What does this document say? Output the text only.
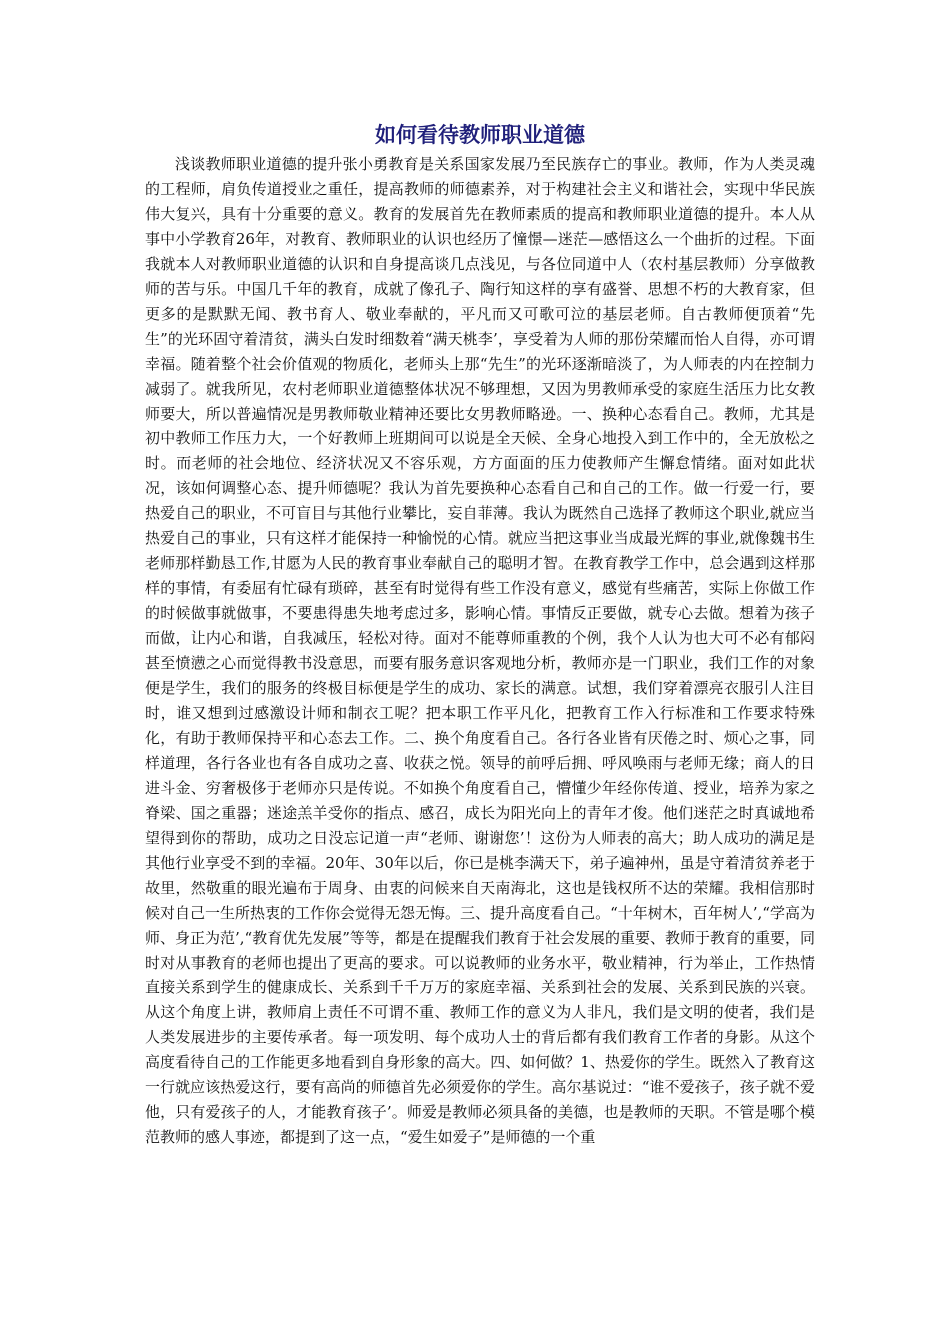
如何看待教师职业道德

浅谈教师职业道德的提升张小勇教育是关系国家发展乃至民族存亡的事业。教师，作为人类灵魂的工程师，肩负传道授业之重任，提高教师的师德素养，对于构建社会主义和谐社会，实现中华民族伟大复兴，具有十分重要的意义。教育的发展首先在教师素质的提高和教师职业道德的提升。本人从事中小学教育26年，对教育、教师职业的认识也经历了憧憬—迷茫—感悟这么一个曲折的过程。下面我就本人对教师职业道德的认识和自身提高谈几点浅见，与各位同道中人（农村基层教师）分享做教师的苦与乐。中国几千年的教育，成就了像孔子、陶行知这样的享有盛誉、思想不朽的大教育家，但更多的是默默无闻、教书育人、敬业奉献的，平凡而又可歌可泣的基层老师。自古教师便顶着“先生”的光环固守着清贫，满头白发时细数着“满天桃李’，享受着为人师的那份荣耀而怡人自得，亦可谓幸福。随着整个社会价值观的物质化，老师头上那“先生”的光环逐渐暗淡了，为人师表的内在控制力减弱了。就我所见，农村老师职业道德整体状况不够理想，又因为男教师承受的家庭生活压力比女教师要大，所以普遍情况是男教师敬业精神还要比女男教师略逊。一、换种心态看自己。教师，尤其是初中教师工作压力大，一个好教师上班期间可以说是全天候、全身心地投入到工作中的，全无放松之时。而老师的社会地位、经济状况又不容乐观，方方面面的压力使教师产生懈怠情绪。面对如此状况，该如何调整心态、提升师德呢？我认为首先要换种心态看自己和自己的工作。做一行爱一行，要热爱自己的职业，不可盲目与其他行业攀比，妄自菲薄。我认为既然自己选择了教师这个职业,就应当热爱自己的事业，只有这样才能保持一种愉悦的心情。就应当把这事业当成最光辉的事业,就像魏书生老师那样勤恳工作,甘愿为人民的教育事业奉献自己的聪明才智。在教育教学工作中，总会遇到这样那样的事情，有委屈有忙碌有琐碎，甚至有时觉得有些工作没有意义，感觉有些痛苦，实际上你做工作的时候做事就做事，不要患得患失地考虑过多，影响心情。事情反正要做，就专心去做。想着为孩子而做，让内心和谐，自我减压，轻松对待。面对不能尊师重教的个例，我个人认为也大可不必有郁闷甚至愤懑之心而觉得教书没意思，而要有服务意识客观地分析，教师亦是一门职业，我们工作的对象便是学生，我们的服务的终极目标便是学生的成功、家长的满意。试想，我们穿着漂亮衣服引人注目时，谁又想到过感激设计师和制衣工呢？把本职工作平凡化，把教育工作入行标准和工作要求特殊化，有助于教师保持平和心态去工作。二、换个角度看自己。各行各业皆有厌倦之时、烦心之事，同样道理，各行各业也有各自成功之喜、收获之悦。领导的前呼后拥、呼风唤雨与老师无缘；商人的日进斗金、穷奢极侈于老师亦只是传说。不如换个角度看自己，懵懂少年经你传道、授业，培养为家之脊梁、国之重器；迷途羔羊受你的指点、感召，成长为阳光向上的青年才俊。他们迷茫之时真诚地希望得到你的帮助，成功之日没忘记道一声“老师、谢谢您’！这份为人师表的高大；助人成功的满足是其他行业享受不到的幸福。20年、30年以后，你已是桃李满天下，弟子遍神州，虽是守着清贫养老于故里，然敬重的眼光遍布于周身、由衷的问候来自天南海北，这也是钱权所不达的荣耀。我相信那时候对自己一生所热衷的工作你会觉得无怨无悔。三、提升高度看自己。“十年树木，百年树人’,“学高为师、身正为范’,“教育优先发展”等等，都是在提醒我们教育于社会发展的重要、教师于教育的重要，同时对从事教育的老师也提出了更高的要求。可以说教师的业务水平，敬业精神，行为举止，工作热情直接关系到学生的健康成长、关系到千千万万的家庭幸福、关系到社会的发展、关系到民族的兴衰。从这个角度上讲，教师肩上责任不可谓不重、教师工作的意义为人非凡，我们是文明的使者，我们是人类发展进步的主要传承者。每一项发明、每个成功人士的背后都有我们教育工作者的身影。从这个高度看待自己的工作能更多地看到自身形象的高大。四、如何做？1、热爱你的学生。既然入了教育这一行就应该热爱这行，要有高尚的师德首先必须爱你的学生。高尔基说过：“谁不爱孩子，孩子就不爱他，只有爱孩子的人，才能教育孩子’。师爱是教师必须具备的美德，也是教师的天职。不管是哪个模范教师的感人事迹，都提到了这一点，“爱生如爱子”是师德的一个重
